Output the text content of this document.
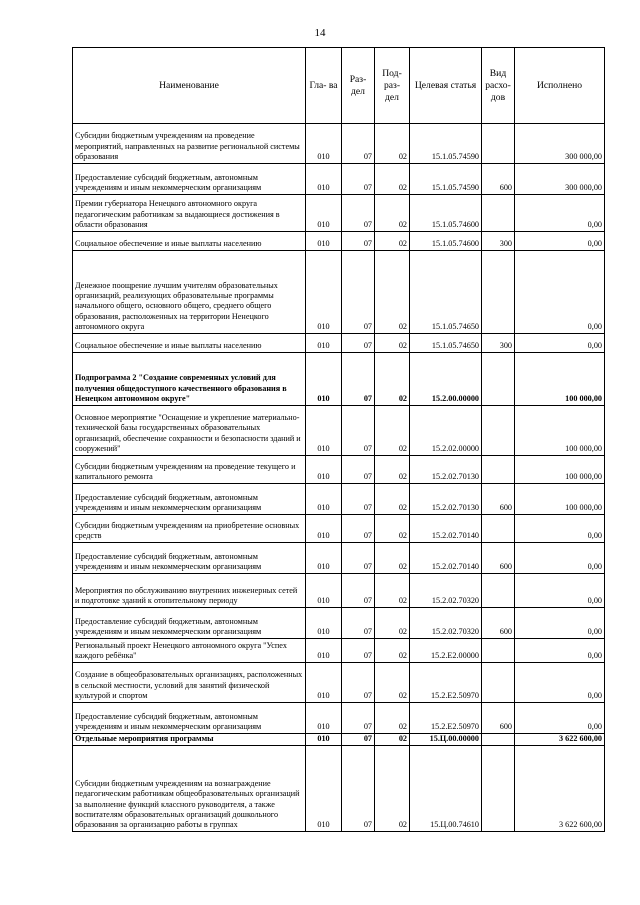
14
Наименование	Гла- ва	Раз- дел	Под- раз- дел	Целевая статья	Вид расхо- дов	Исполнено
Субсидии бюджетным учреждениям на проведение мероприятий, направленных на развитие региональной системы образования	010	07	02	15.1.05.74590		300 000,00
Предоставление субсидий бюджетным, автономным учреждениям и иным некоммерческим организациям	010	07	02	15.1.05.74590	600	300 000,00
Премии губернатора Ненецкого автономного округа педагогическим работникам за выдающиеся достижения в области образования	010	07	02	15.1.05.74600		0,00
Социальное обеспечение и иные выплаты населению	010	07	02	15.1.05.74600	300	0,00
Денежное поощрение лучшим учителям образовательных организаций, реализующих образовательные программы начального общего, основного общего, среднего общего образования, расположенных на территории Ненецкого автономного округа	010	07	02	15.1.05.74650		0,00
Социальное обеспечение и иные выплаты населению	010	07	02	15.1.05.74650	300	0,00
Подпрограмма 2 "Создание современных условий для получения общедоступного качественного образования в Ненецком автономном округе"	010	07	02	15.2.00.00000		100 000,00
Основное мероприятие "Оснащение и укрепление материально-технической базы государственных образовательных организаций, обеспечение сохранности и безопасности зданий и сооружений"	010	07	02	15.2.02.00000		100 000,00
Субсидии бюджетным учреждениям на проведение текущего и капитального ремонта	010	07	02	15.2.02.70130		100 000,00
Предоставление субсидий бюджетным, автономным учреждениям и иным некоммерческим организациям	010	07	02	15.2.02.70130	600	100 000,00
Субсидии бюджетным учреждениям на приобретение основных средств	010	07	02	15.2.02.70140		0,00
Предоставление субсидий бюджетным, автономным учреждениям и иным некоммерческим организациям	010	07	02	15.2.02.70140	600	0,00
Мероприятия по обслуживанию внутренних инженерных сетей и подготовке зданий к отопительному периоду	010	07	02	15.2.02.70320		0,00
Предоставление субсидий бюджетным, автономным учреждениям и иным некоммерческим организациям	010	07	02	15.2.02.70320	600	0,00
Региональный проект Ненецкого автономного округа "Успех каждого ребёнка"	010	07	02	15.2.Е2.00000		0,00
Создание в общеобразовательных организациях, расположенных в сельской местности, условий для занятий физической культурой и спортом	010	07	02	15.2.Е2.50970		0,00
Предоставление субсидий бюджетным, автономным учреждениям и иным некоммерческим организациям	010	07	02	15.2.Е2.50970	600	0,00
Отдельные мероприятия программы	010	07	02	15.Ц.00.00000		3 622 600,00
Субсидии бюджетным учреждениям на вознаграждение педагогическим работникам общеобразовательных организаций за выполнение функций классного руководителя, а также воспитателям образовательных организаций дошкольного образования за организацию работы в группах	010	07	02	15.Ц.00.74610		3 622 600,00
